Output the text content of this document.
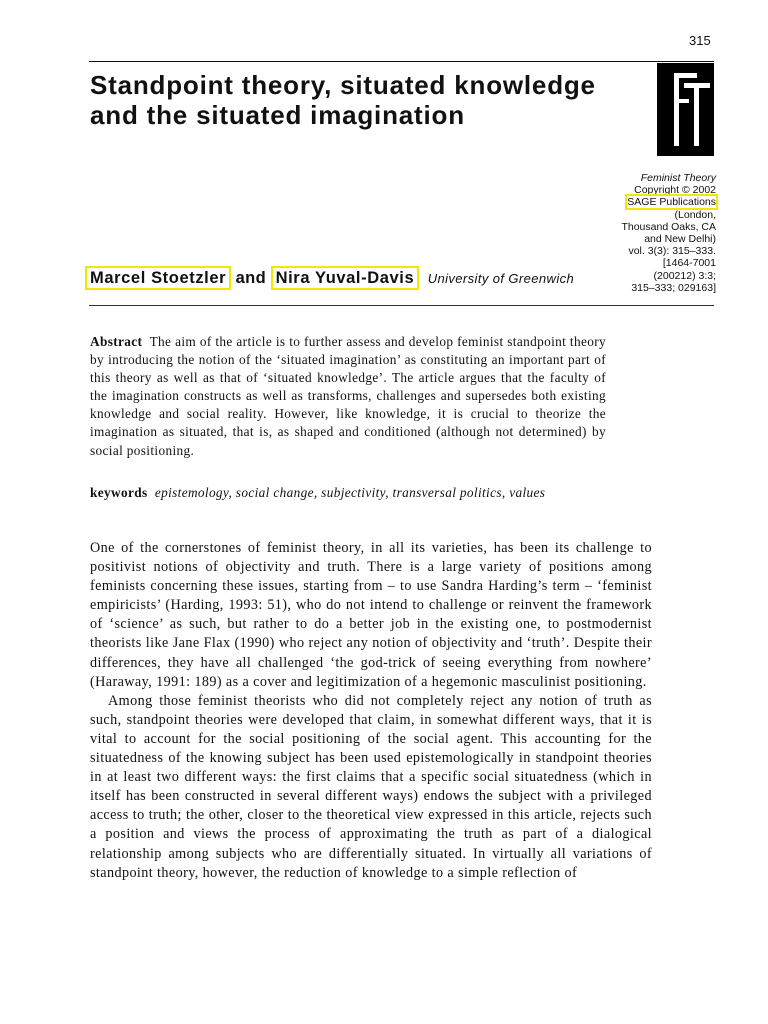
315
Standpoint theory, situated knowledge and the situated imagination
Feminist Theory
Copyright © 2002
SAGE Publications
(London,
Thousand Oaks, CA
and New Delhi)
vol. 3(3): 315–333.
[1464-7001
(200212) 3:3;
315–333; 029163]
Marcel Stoetzler and Nira Yuval-Davis University of Greenwich

Abstract The aim of the article is to further assess and develop feminist standpoint theory by introducing the notion of the ‘situated imagination’ as constituting an important part of this theory as well as that of ‘situated knowledge’. The article argues that the faculty of the imagination constructs as well as transforms, challenges and supersedes both existing knowledge and social reality. However, like knowledge, it is crucial to theorize the imagination as situated, that is, as shaped and conditioned (although not determined) by social positioning.

keywords epistemology, social change, subjectivity, transversal politics, values

One of the cornerstones of feminist theory, in all its varieties, has been its challenge to positivist notions of objectivity and truth. There is a large variety of positions among feminists concerning these issues, starting from – to use Sandra Harding’s term – ‘feminist empiricists’ (Harding, 1993: 51), who do not intend to challenge or reinvent the framework of ‘science’ as such, but rather to do a better job in the existing one, to postmodernist theorists like Jane Flax (1990) who reject any notion of objectivity and ‘truth’. Despite their differences, they have all challenged ‘the god-trick of seeing everything from nowhere’ (Haraway, 1991: 189) as a cover and legitimization of a hegemonic masculinist positioning.

Among those feminist theorists who did not completely reject any notion of truth as such, standpoint theories were developed that claim, in somewhat different ways, that it is vital to account for the social positioning of the social agent. This accounting for the situatedness of the knowing subject has been used epistemologically in standpoint theories in at least two different ways: the first claims that a specific social situatedness (which in itself has been constructed in several different ways) endows the subject with a privileged access to truth; the other, closer to the theoretical view expressed in this article, rejects such a position and views the process of approximating the truth as part of a dialogical relationship among subjects who are differentially situated. In virtually all variations of standpoint theory, however, the reduction of knowledge to a simple reflection of
